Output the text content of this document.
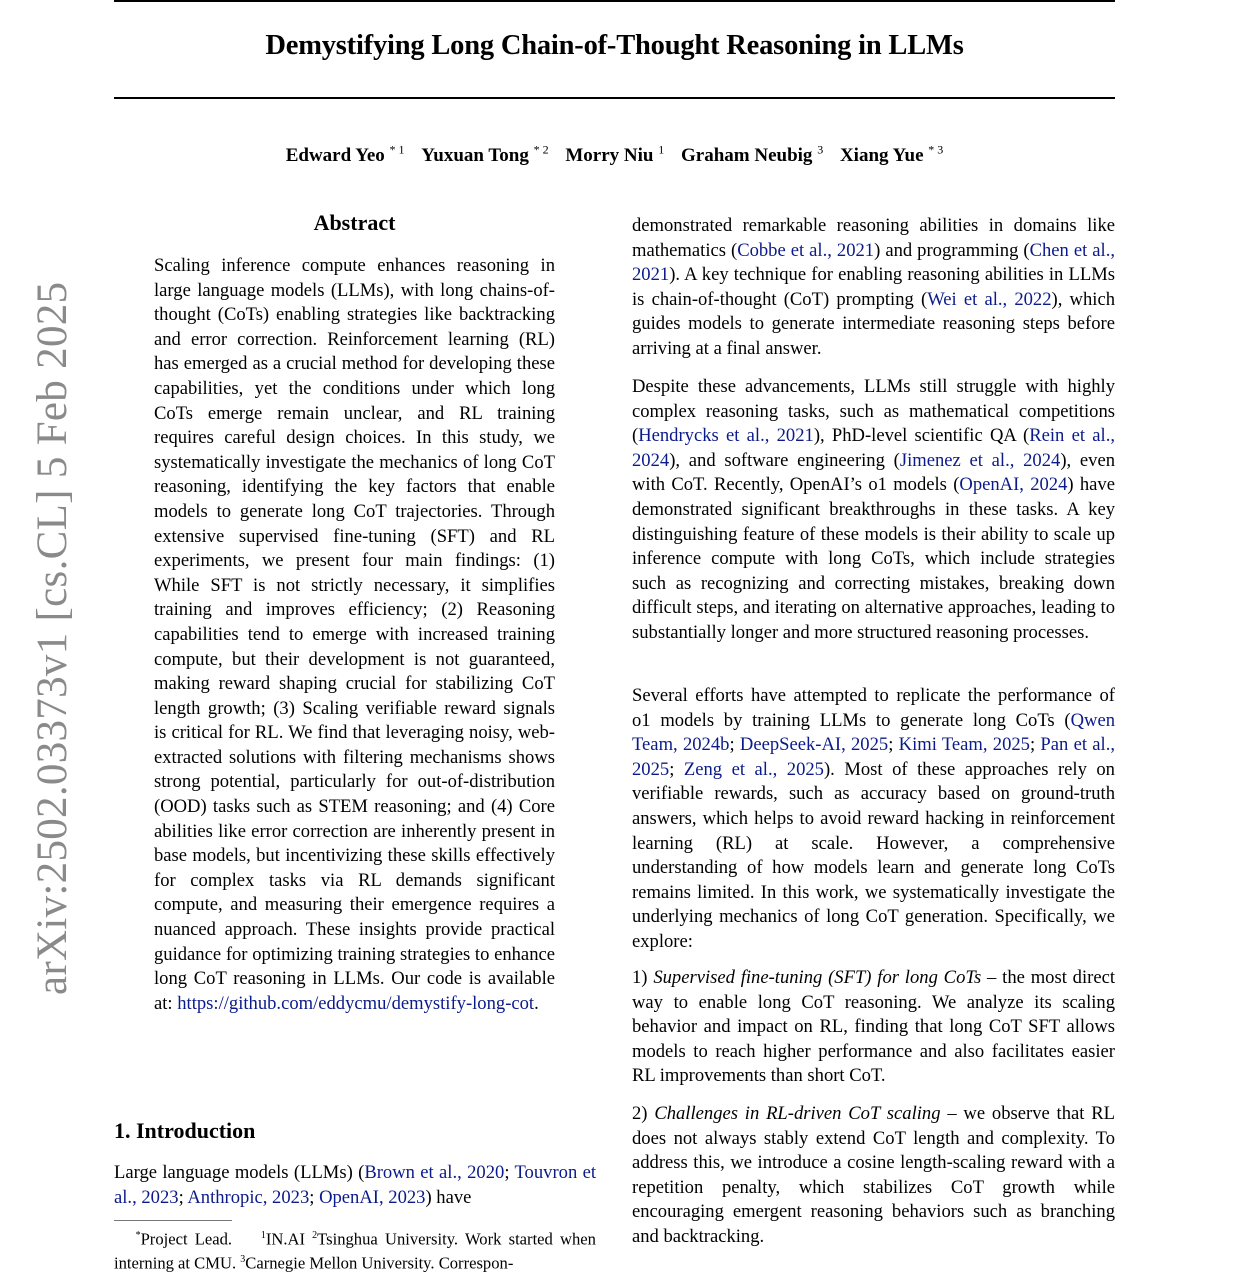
Demystifying Long Chain-of-Thought Reasoning in LLMs
Edward Yeo $^{* 1}$ Yuxuan Tong $^{* 2}$ Morry Niu $^1$ Graham Neubig $^3$ Xiang Yue $^{* 3}$
arXiv:2502.03373v1 [cs.CL] 5 Feb 2025
Abstract
Scaling inference compute enhances reasoning in large language models (LLMs), with long chains-of-thought (CoTs) enabling strategies like backtracking and error correction. Reinforcement learning (RL) has emerged as a crucial method for developing these capabilities, yet the conditions under which long CoTs emerge remain unclear, and RL training requires careful design choices. In this study, we systematically investigate the mechanics of long CoT reasoning, identifying the key factors that enable models to generate long CoT trajectories. Through extensive supervised fine-tuning (SFT) and RL experiments, we present four main findings: (1) While SFT is not strictly necessary, it simplifies training and improves efficiency; (2) Reasoning capabilities tend to emerge with increased training compute, but their development is not guaranteed, making reward shaping crucial for stabilizing CoT length growth; (3) Scaling verifiable reward signals is critical for RL. We find that leveraging noisy, web-extracted solutions with filtering mechanisms shows strong potential, particularly for out-of-distribution (OOD) tasks such as STEM reasoning; and (4) Core abilities like error correction are inherently present in base models, but incentivizing these skills effectively for complex tasks via RL demands significant compute, and measuring their emergence requires a nuanced approach. These insights provide practical guidance for optimizing training strategies to enhance long CoT reasoning in LLMs. Our code is available at: https://github.com/eddycmu/demystify-long-cot.
1. Introduction
Large language models (LLMs) (Brown et al., 2020; Touvron et al., 2023; Anthropic, 2023; OpenAI, 2023) have
*Project Lead.    $^1$IN.AI $^2$Tsinghua University. Work started when interning at CMU. $^3$Carnegie Mellon University. Correspon-
demonstrated remarkable reasoning abilities in domains like mathematics (Cobbe et al., 2021) and programming (Chen et al., 2021). A key technique for enabling reasoning abilities in LLMs is chain-of-thought (CoT) prompting (Wei et al., 2022), which guides models to generate intermediate reasoning steps before arriving at a final answer.
Despite these advancements, LLMs still struggle with highly complex reasoning tasks, such as mathematical competitions (Hendrycks et al., 2021), PhD-level scientific QA (Rein et al., 2024), and software engineering (Jimenez et al., 2024), even with CoT. Recently, OpenAI’s o1 models (OpenAI, 2024) have demonstrated significant breakthroughs in these tasks. A key distinguishing feature of these models is their ability to scale up inference compute with long CoTs, which include strategies such as recognizing and correcting mistakes, breaking down difficult steps, and iterating on alternative approaches, leading to substantially longer and more structured reasoning processes.
Several efforts have attempted to replicate the performance of o1 models by training LLMs to generate long CoTs (Qwen Team, 2024b; DeepSeek-AI, 2025; Kimi Team, 2025; Pan et al., 2025; Zeng et al., 2025). Most of these approaches rely on verifiable rewards, such as accuracy based on ground-truth answers, which helps to avoid reward hacking in reinforcement learning (RL) at scale. However, a comprehensive understanding of how models learn and generate long CoTs remains limited. In this work, we systematically investigate the underlying mechanics of long CoT generation. Specifically, we explore:
1) Supervised fine-tuning (SFT) for long CoTs – the most direct way to enable long CoT reasoning. We analyze its scaling behavior and impact on RL, finding that long CoT SFT allows models to reach higher performance and also facilitates easier RL improvements than short CoT.
2) Challenges in RL-driven CoT scaling – we observe that RL does not always stably extend CoT length and complexity. To address this, we introduce a cosine length-scaling reward with a repetition penalty, which stabilizes CoT growth while encouraging emergent reasoning behaviors such as branching and backtracking.
